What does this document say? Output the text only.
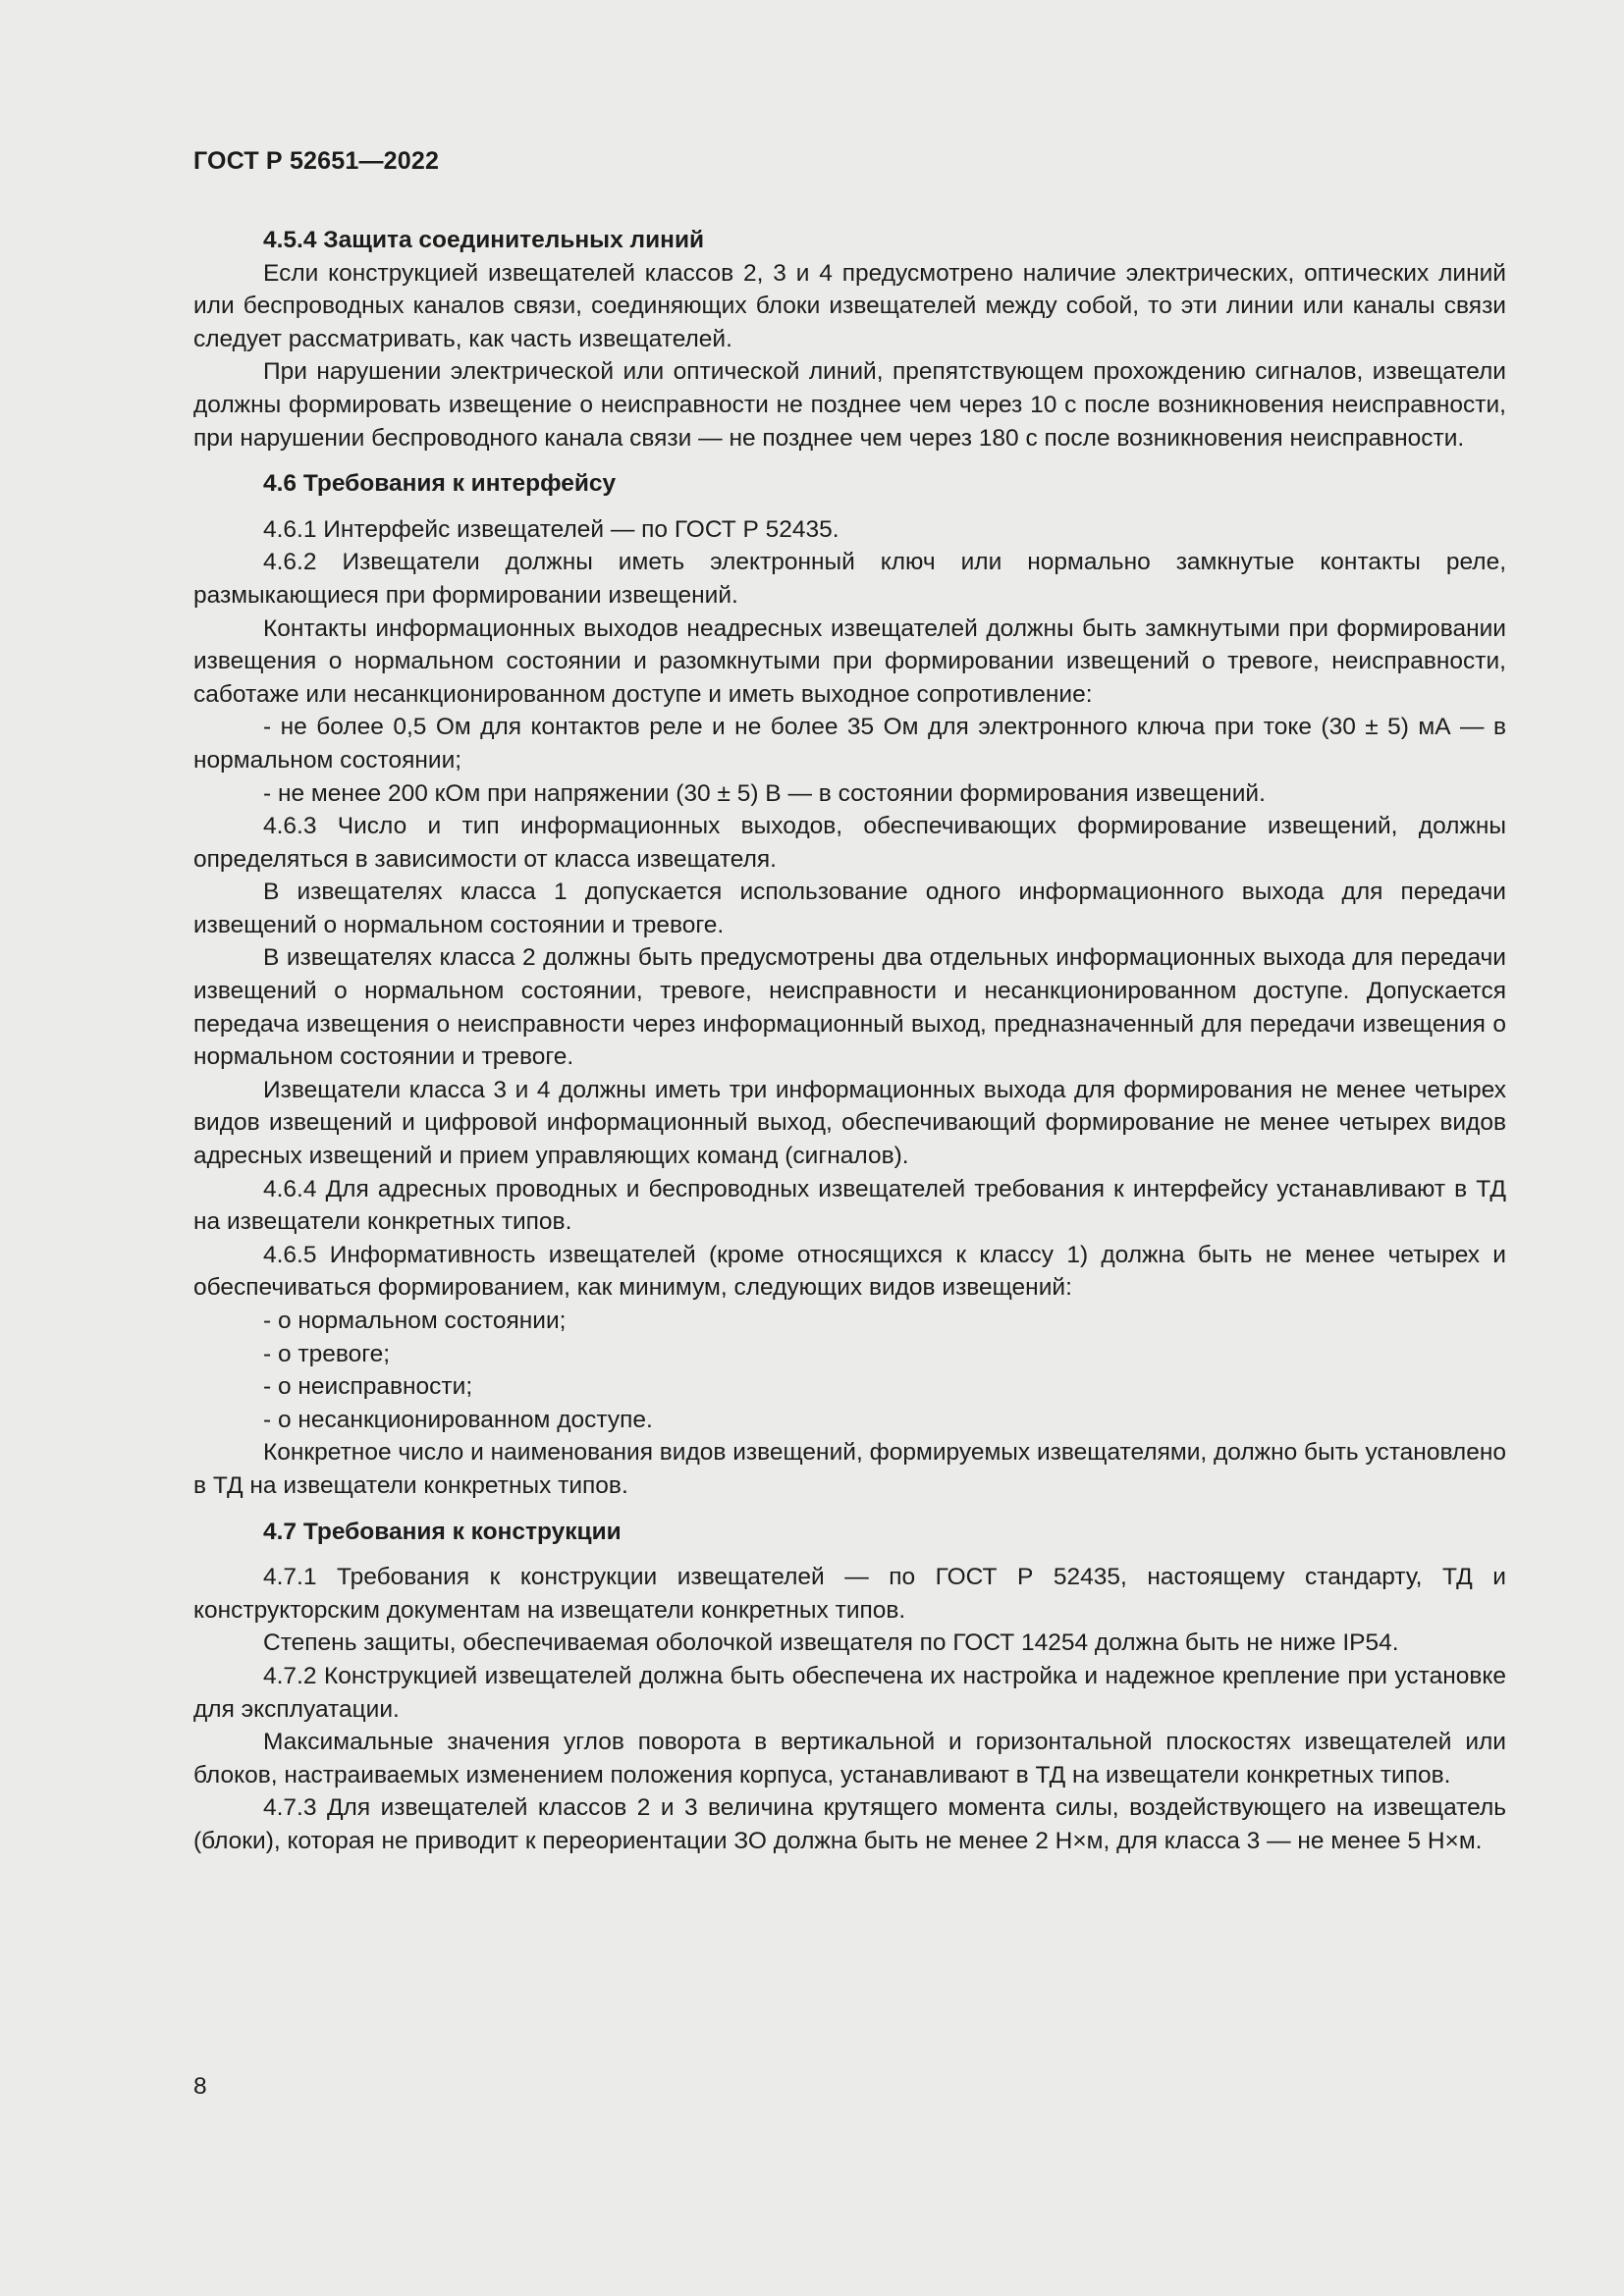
ГОСТ Р 52651—2022
4.5.4 Защита соединительных линий

Если конструкцией извещателей классов 2, 3 и 4 предусмотрено наличие электрических, оптических линий или беспроводных каналов связи, соединяющих блоки извещателей между собой, то эти линии или каналы связи следует рассматривать, как часть извещателей.

При нарушении электрической или оптической линий, препятствующем прохождению сигналов, извещатели должны формировать извещение о неисправности не позднее чем через 10 с после возникновения неисправности, при нарушении беспроводного канала связи — не позднее чем через 180 с после возникновения неисправности.

4.6 Требования к интерфейсу

4.6.1 Интерфейс извещателей — по ГОСТ Р 52435.

4.6.2 Извещатели должны иметь электронный ключ или нормально замкнутые контакты реле, размыкающиеся при формировании извещений.

Контакты информационных выходов неадресных извещателей должны быть замкнутыми при формировании извещения о нормальном состоянии и разомкнутыми при формировании извещений о тревоге, неисправности, саботаже или несанкционированном доступе и иметь выходное сопротивление:

- не более 0,5 Ом для контактов реле и не более 35 Ом для электронного ключа при токе (30 ± 5) мА — в нормальном состоянии;

- не менее 200 кОм при напряжении (30 ± 5) В — в состоянии формирования извещений.

4.6.3 Число и тип информационных выходов, обеспечивающих формирование извещений, должны определяться в зависимости от класса извещателя.

В извещателях класса 1 допускается использование одного информационного выхода для передачи извещений о нормальном состоянии и тревоге.

В извещателях класса 2 должны быть предусмотрены два отдельных информационных выхода для передачи извещений о нормальном состоянии, тревоге, неисправности и несанкционированном доступе. Допускается передача извещения о неисправности через информационный выход, предназначенный для передачи извещения о нормальном состоянии и тревоге.

Извещатели класса 3 и 4 должны иметь три информационных выхода для формирования не менее четырех видов извещений и цифровой информационный выход, обеспечивающий формирование не менее четырех видов адресных извещений и прием управляющих команд (сигналов).

4.6.4 Для адресных проводных и беспроводных извещателей требования к интерфейсу устанавливают в ТД на извещатели конкретных типов.

4.6.5 Информативность извещателей (кроме относящихся к классу 1) должна быть не менее четырех и обеспечиваться формированием, как минимум, следующих видов извещений:

- о нормальном состоянии;

- о тревоге;

- о неисправности;

- о несанкционированном доступе.

Конкретное число и наименования видов извещений, формируемых извещателями, должно быть установлено в ТД на извещатели конкретных типов.

4.7 Требования к конструкции

4.7.1 Требования к конструкции извещателей — по ГОСТ Р 52435, настоящему стандарту, ТД и конструкторским документам на извещатели конкретных типов.

Степень защиты, обеспечиваемая оболочкой извещателя по ГОСТ 14254 должна быть не ниже IP54.

4.7.2 Конструкцией извещателей должна быть обеспечена их настройка и надежное крепление при установке для эксплуатации.

Максимальные значения углов поворота в вертикальной и горизонтальной плоскостях извещателей или блоков, настраиваемых изменением положения корпуса, устанавливают в ТД на извещатели конкретных типов.

4.7.3 Для извещателей классов 2 и 3 величина крутящего момента силы, воздействующего на извещатель (блоки), которая не приводит к переориентации ЗО должна быть не менее 2 Н×м, для класса 3 — не менее 5 Н×м.

8
